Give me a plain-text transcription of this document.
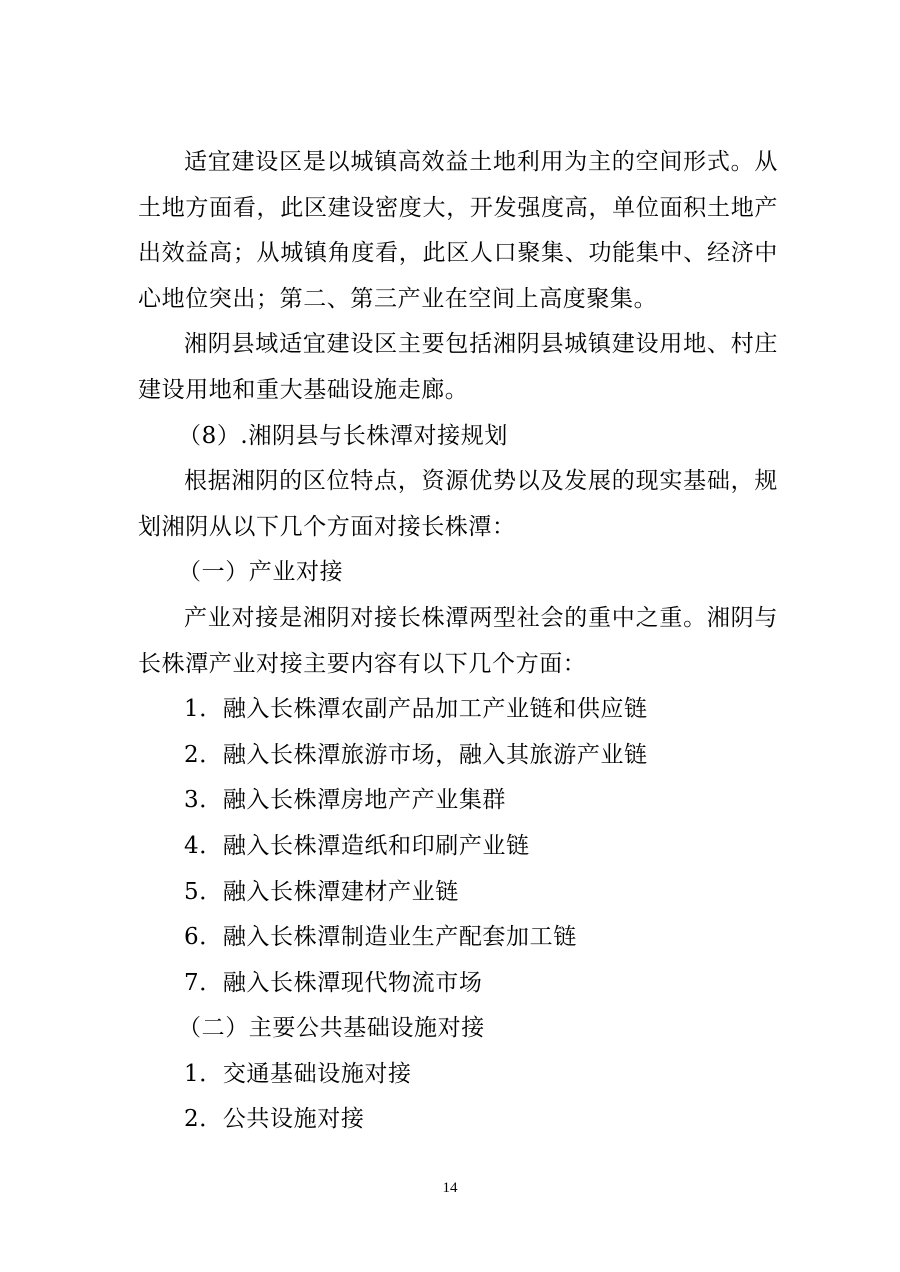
适宜建设区是以城镇高效益土地利用为主的空间形式。从土地方面看，此区建设密度大，开发强度高，单位面积土地产出效益高；从城镇角度看，此区人口聚集、功能集中、经济中心地位突出；第二、第三产业在空间上高度聚集。

湘阴县域适宜建设区主要包括湘阴县城镇建设用地、村庄建设用地和重大基础设施走廊。

（8）.湘阴县与长株潭对接规划

根据湘阴的区位特点，资源优势以及发展的现实基础，规划湘阴从以下几个方面对接长株潭：

（一）产业对接

产业对接是湘阴对接长株潭两型社会的重中之重。湘阴与长株潭产业对接主要内容有以下几个方面：

1．融入长株潭农副产品加工产业链和供应链

2．融入长株潭旅游市场，融入其旅游产业链

3．融入长株潭房地产产业集群

4．融入长株潭造纸和印刷产业链

5．融入长株潭建材产业链

6．融入长株潭制造业生产配套加工链

7．融入长株潭现代物流市场

（二）主要公共基础设施对接

1．交通基础设施对接

2．公共设施对接

14
